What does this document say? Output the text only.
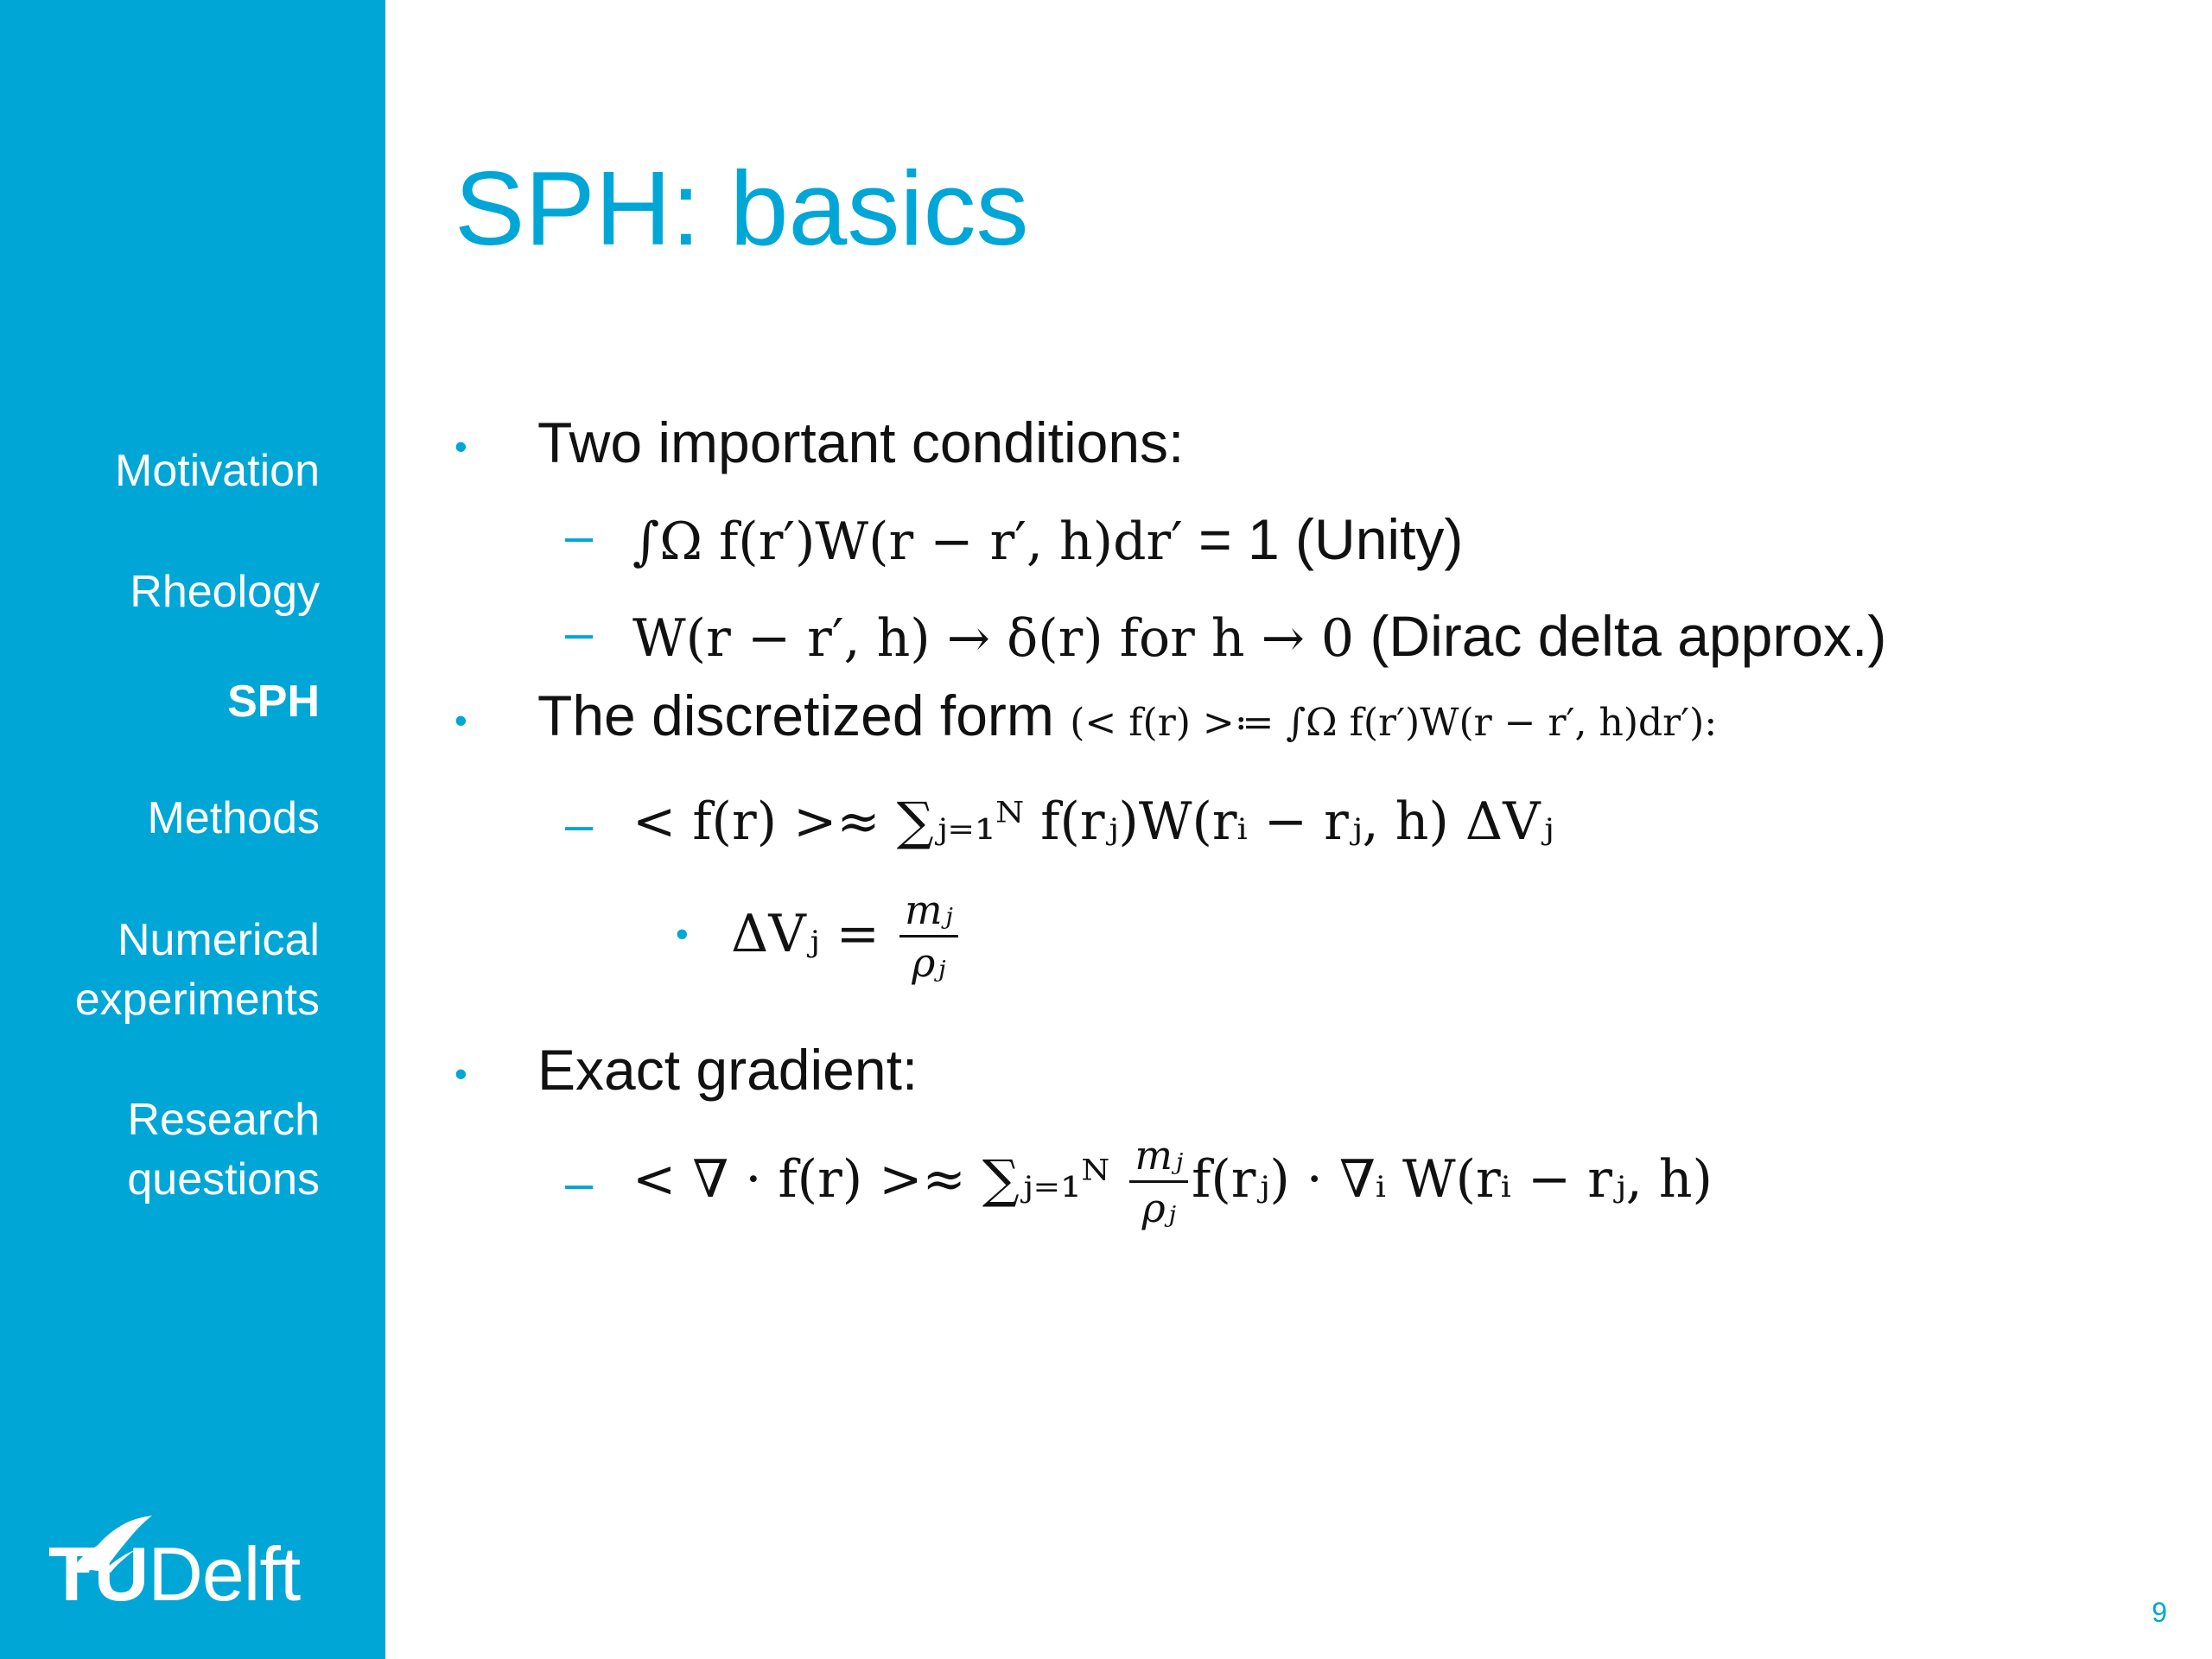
Motivation
Rheology
SPH
Methods
Numerical
experiments
Research
questions
TUDelft
SPH: basics
• Two important conditions:
– ∫Ω f(r′)W(r − r′, h)dr′ = 1 (Unity)
– W(r − r′, h) → δ(r) for h → 0 (Dirac delta approx.)
• The discretized form (< f(r) >≔ ∫Ω f(r′)W(r − r′, h)dr′):
– < f(r) >≈ ∑ⱼ₌₁ᴺ f(rⱼ)W(rᵢ − rⱼ, h) ΔVⱼ
• ΔVⱼ = $\frac{\text{mⱼ}}{\text{ρⱼ}}$
• Exact gradient:
– < ∇ · f(r) >≈ ∑ⱼ₌₁ᴺ $\frac{\text{mⱼ}}{\text{ρⱼ}}$ f(rⱼ) · ∇ᵢ W(rᵢ − rⱼ, h)
9
